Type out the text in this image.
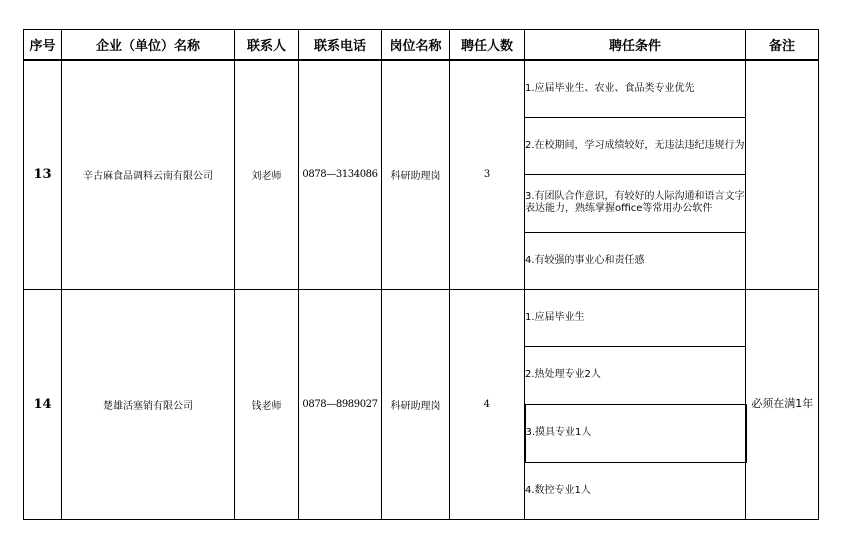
序号	企业（单位）名称	联系人	联系电话	岗位名称	聘任人数	聘任条件	备注
13	辛古麻食品调料云南有限公司	刘老师	0878—3134086	科研助理岗	3	1.应届毕业生、农业、食品类专业优先	
						2.在校期间，学习成绩较好，无违法违纪违规行为	
						3.有团队合作意识，有较好的人际沟通和语言文字表达能力，熟练掌握office等常用办公软件	
						4.有较强的事业心和责任感	
14	楚雄活塞销有限公司	钱老师	0878—8989027	科研助理岗	4	1.应届毕业生	必须在满1年
						2.热处理专业2人	
						3.摸具专业1人	
						4.数控专业1人	
